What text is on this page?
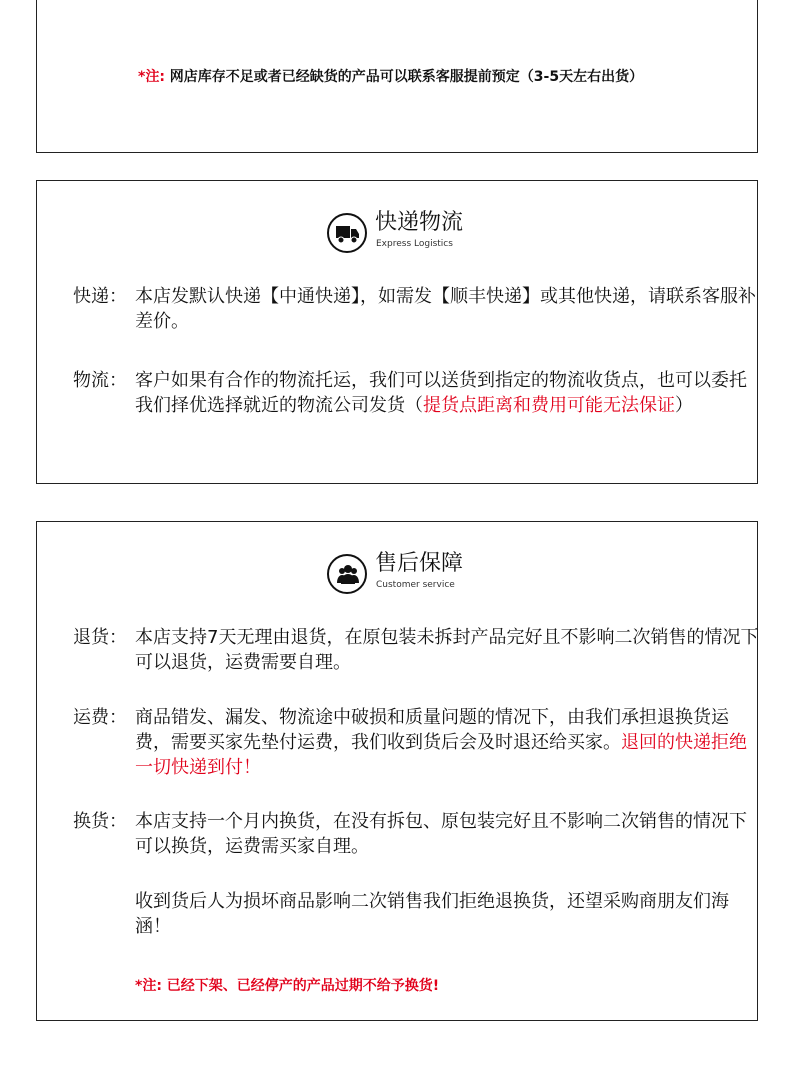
*注: 网店库存不足或者已经缺货的产品可以联系客服提前预定（3-5天左右出货）

快递物流
Express Logistics
快递： 本店发默认快递【中通快递】，如需发【顺丰快递】或其他快递，请联系客服补差价。
物流： 客户如果有合作的物流托运，我们可以送货到指定的物流收货点，也可以委托我们择优选择就近的物流公司发货（提货点距离和费用可能无法保证）
售后保障
Customer service
退货： 本店支持7天无理由退货，在原包装未拆封产品完好且不影响二次销售的情况下可以退货，运费需要自理。
运费： 商品错发、漏发、物流途中破损和质量问题的情况下，由我们承担退换货运费，需要买家先垫付运费，我们收到货后会及时退还给买家。退回的快递拒绝一切快递到付！
换货： 本店支持一个月内换货，在没有拆包、原包装完好且不影响二次销售的情况下可以换货，运费需买家自理。
收到货后人为损坏商品影响二次销售我们拒绝退换货，还望采购商朋友们海涵！

*注: 已经下架、已经停产的产品过期不给予换货!
